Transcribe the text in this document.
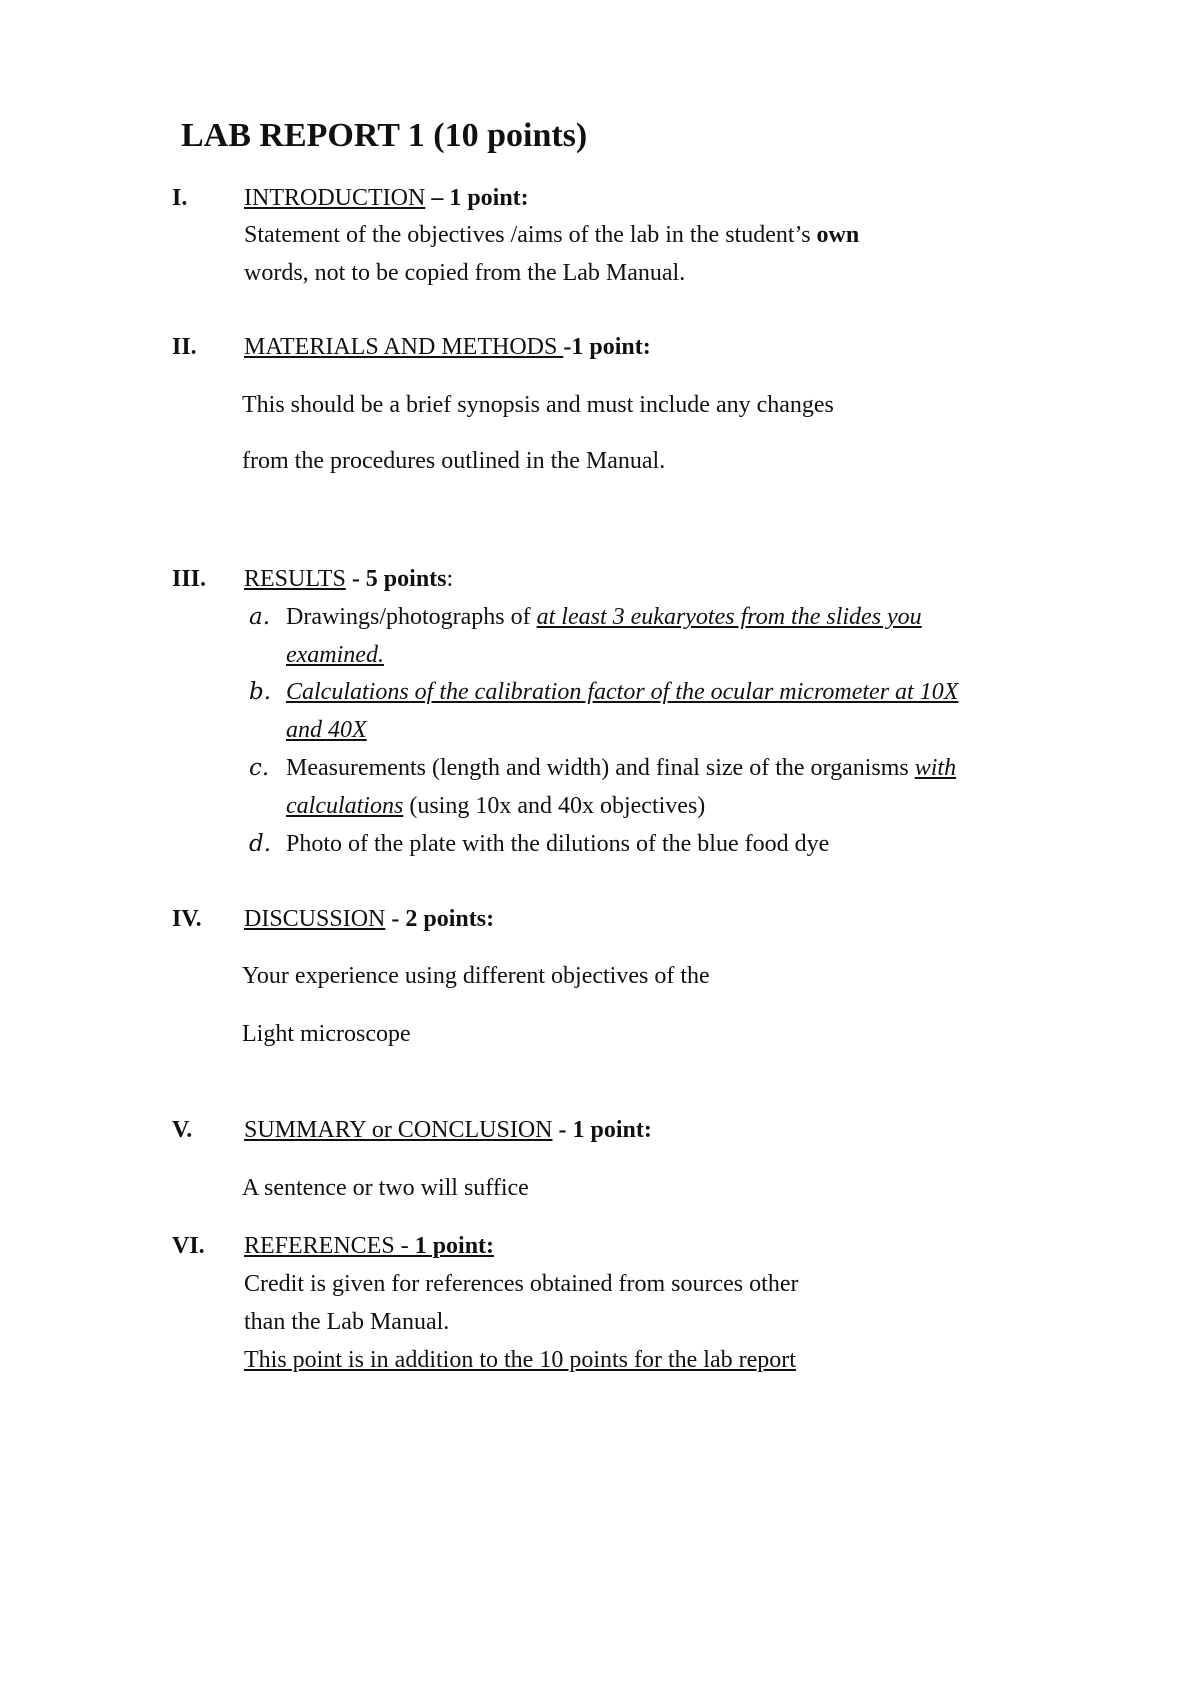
LAB REPORT 1 (10 points)
I. INTRODUCTION – 1 point:
Statement of the objectives /aims of the lab in the student’s own
words, not to be copied from the Lab Manual.
II. MATERIALS AND METHODS -1 point:
This should be a brief synopsis and must include any changes
from the procedures outlined in the Manual.
III. RESULTS - 5 points:
a. Drawings/photographs of at least 3 eukaryotes from the slides you
examined.
b. Calculations of the calibration factor of the ocular micrometer at 10X
and 40X
c. Measurements (length and width) and final size of the organisms with
calculations (using 10x and 40x objectives)
d. Photo of the plate with the dilutions of the blue food dye
IV. DISCUSSION - 2 points:
Your experience using different objectives of the
Light microscope
V. SUMMARY or CONCLUSION - 1 point:
A sentence or two will suffice
VI. REFERENCES - 1 point:
Credit is given for references obtained from sources other
than the Lab Manual.
This point is in addition to the 10 points for the lab report
